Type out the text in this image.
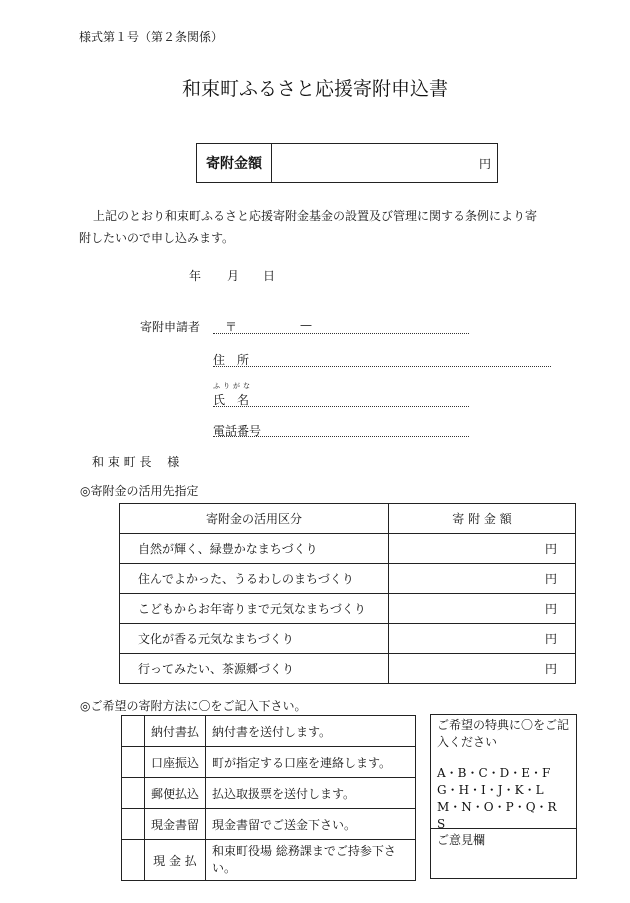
様式第１号（第２条関係）
和束町ふるさと応援寄附申込書
寄附金額	円
上記のとおり和束町ふるさと応援寄附金基金の設置及び管理に関する条例により寄
附したいので申し込みます。
年 月 日
寄附申請者 〒	—
住　所
ふりがな
氏　名
電話番号
和 束 町 長　 様
◎寄附金の活用先指定
寄附金の活用区分	寄 附 金 額
自然が輝く、緑豊かなまちづくり	円
住んでよかった、うるわしのまちづくり	円
こどもからお年寄りまで元気なまちづくり	円
文化が香る元気なまちづくり	円
行ってみたい、茶源郷づくり	円
◎ご希望の寄附方法に〇をご記入下さい。
	納付書払	納付書を送付します。
	口座振込	町が指定する口座を連絡します。
	郵便払込	払込取扱票を送付します。
	現金書留	現金書留でご送金下さい。
	現 金 払	和束町役場 総務課までご持参下さい。
ご希望の特典に〇をご記入ください
A・B・C・D・E・F
G・H・I・J・K・L
M・N・O・P・Q・R
S
ご意見欄
